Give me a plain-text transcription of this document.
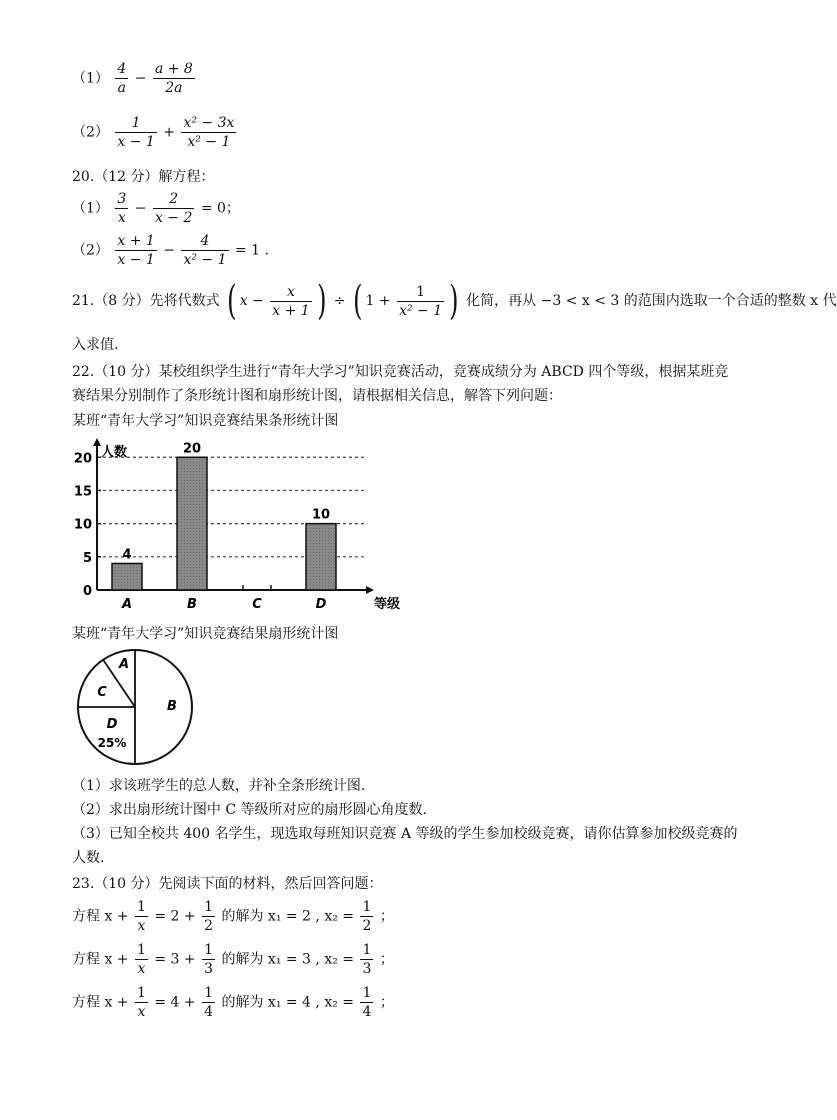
$(1) \frac{4}{a} - \frac{a + 8}{2a}$
$(2) \frac{1}{x - 1} + \frac{\text{x² − 3x}}{\text{x² − 1}}$
20.（12 分）解方程：
$(1) \frac{3}{x} - \frac{2}{x - 2} = 0$；
$(2) \frac{x + 1}{x - 1} - \frac{4}{\text{x² − 1}} = 1$ .
21.（8 分）先将代数式 ( $x - \frac{x}{x + 1}$ ) ÷ ( $1 + \frac{1}{\text{x² − 1}}$ ) 化简，再从 −3 < x < 3 的范围内选取一个合适的整数 x 代
入求值.
22.（10 分）某校组织学生进行“青年大学习”知识竞赛活动，竞赛成绩分为 ABCD 四个等级，根据某班竞
赛结果分别制作了条形统计图和扇形统计图，请根据相关信息，解答下列问题：
某班“青年大学习”知识竞赛结果条形统计图
0
5
10
15
20 人数
等级
4
A
20
B	C
10
D
某班“青年大学习”知识竞赛结果扇形统计图
A
C
D
B
25%
（1）求该班学生的总人数，并补全条形统计图.
（2）求出扇形统计图中 C 等级所对应的扇形圆心角度数.
（3）已知全校共 400 名学生，现选取每班知识竞赛 A 等级的学生参加校级竞赛，请你估算参加校级竞赛的
人数.
23.（10 分）先阅读下面的材料，然后回答问题：
方程 $x + \frac{1}{x} = 2 + \frac{1}{2}$ 的解为 x₁ = 2 , $x_2 = \frac{1}{2}$ ；
方程 $x + \frac{1}{x} = 3 + \frac{1}{3}$ 的解为 x₁ = 3 , $x_2 = \frac{1}{3}$ ；
方程 $x + \frac{1}{x} = 4 + \frac{1}{4}$ 的解为 x₁ = 4 , $x_2 = \frac{1}{4}$ ；
